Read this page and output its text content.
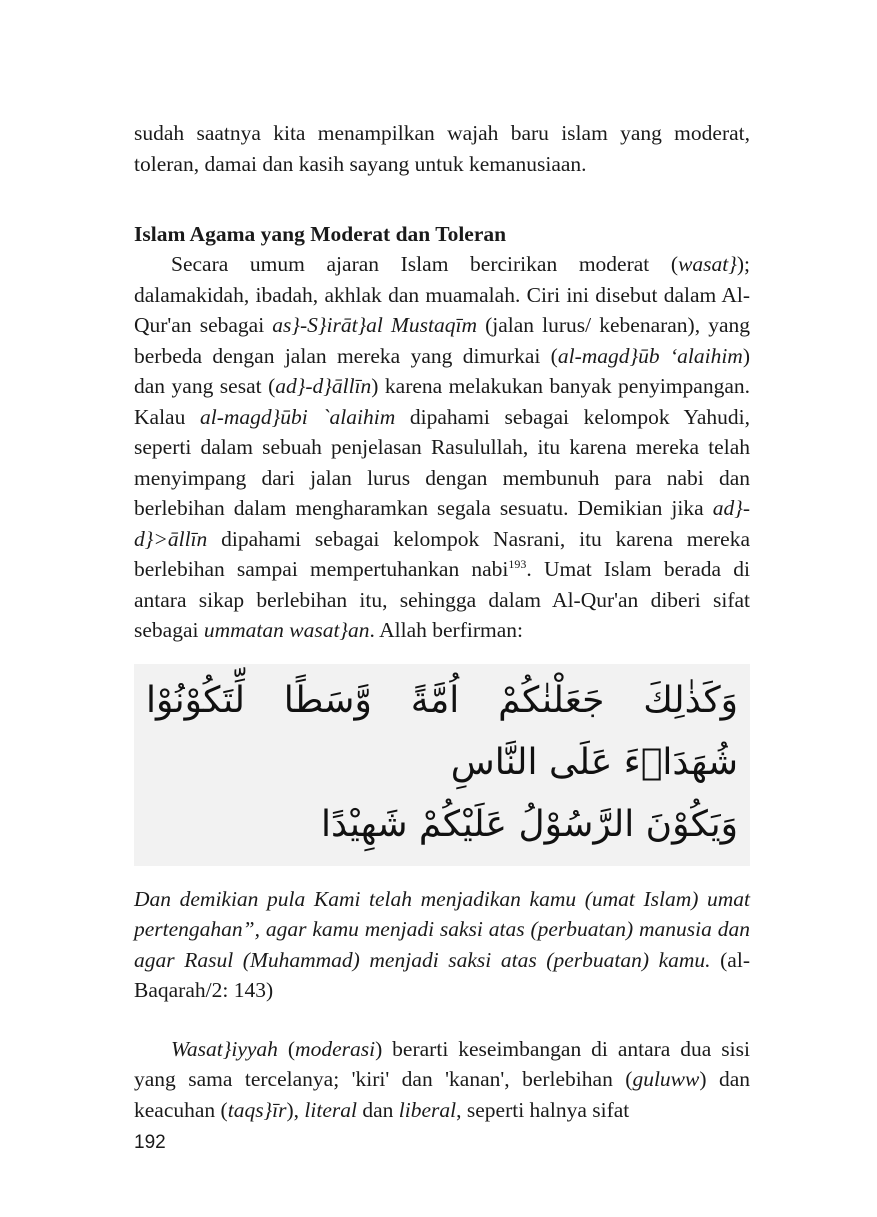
sudah saatnya kita menampilkan wajah baru islam yang moderat, toleran, damai dan kasih sayang untuk kemanusiaan.

Islam Agama yang Moderat dan Toleran

Secara umum ajaran Islam bercirikan moderat (wasat}); dalamakidah, ibadah, akhlak dan muamalah. Ciri ini disebut dalam Al-Qur'an sebagai as}-S}irāt}al Mustaqīm (jalan lurus/ kebenaran), yang berbeda dengan jalan mereka yang dimurkai (al-magd}ūb ‘alaihim) dan yang sesat (ad}-d}āllīn) karena melakukan banyak penyimpangan. Kalau al-magd}ūbi `alaihim dipahami sebagai kelompok Yahudi, seperti dalam sebuah penjelasan Rasulullah, itu karena mereka telah menyimpang dari jalan lurus dengan membunuh para nabi dan berlebihan dalam mengharamkan segala sesuatu. Demikian jika ad}-d}>āllīn dipahami sebagai kelompok Nasrani, itu karena mereka berlebihan sampai mempertuhankan nabi$^{193}$. Umat Islam berada di antara sikap berlebihan itu, sehingga dalam Al-Qur'an diberi sifat sebagai ummatan wasat}an. Allah berfirman:

وَكَذٰلِكَ جَعَلْنٰكُمْ اُمَّةً وَّسَطًا لِّتَكُوْنُوْا شُهَدَاۤءَ عَلَى النَّاسِ
وَيَكُوْنَ الرَّسُوْلُ عَلَيْكُمْ شَهِيْدًا

Dan demikian pula Kami telah menjadikan kamu (umat Islam) umat pertengahan”, agar kamu menjadi saksi atas (perbuatan) manusia dan agar Rasul (Muhammad) menjadi saksi atas (perbuatan) kamu. (al-Baqarah/2: 143)

Wasat}iyyah (moderasi) berarti keseimbangan di antara dua sisi yang sama tercelanya; 'kiri' dan 'kanan', berlebihan (guluww) dan keacuhan (taqs}īr), literal dan liberal, seperti halnya sifat

192
